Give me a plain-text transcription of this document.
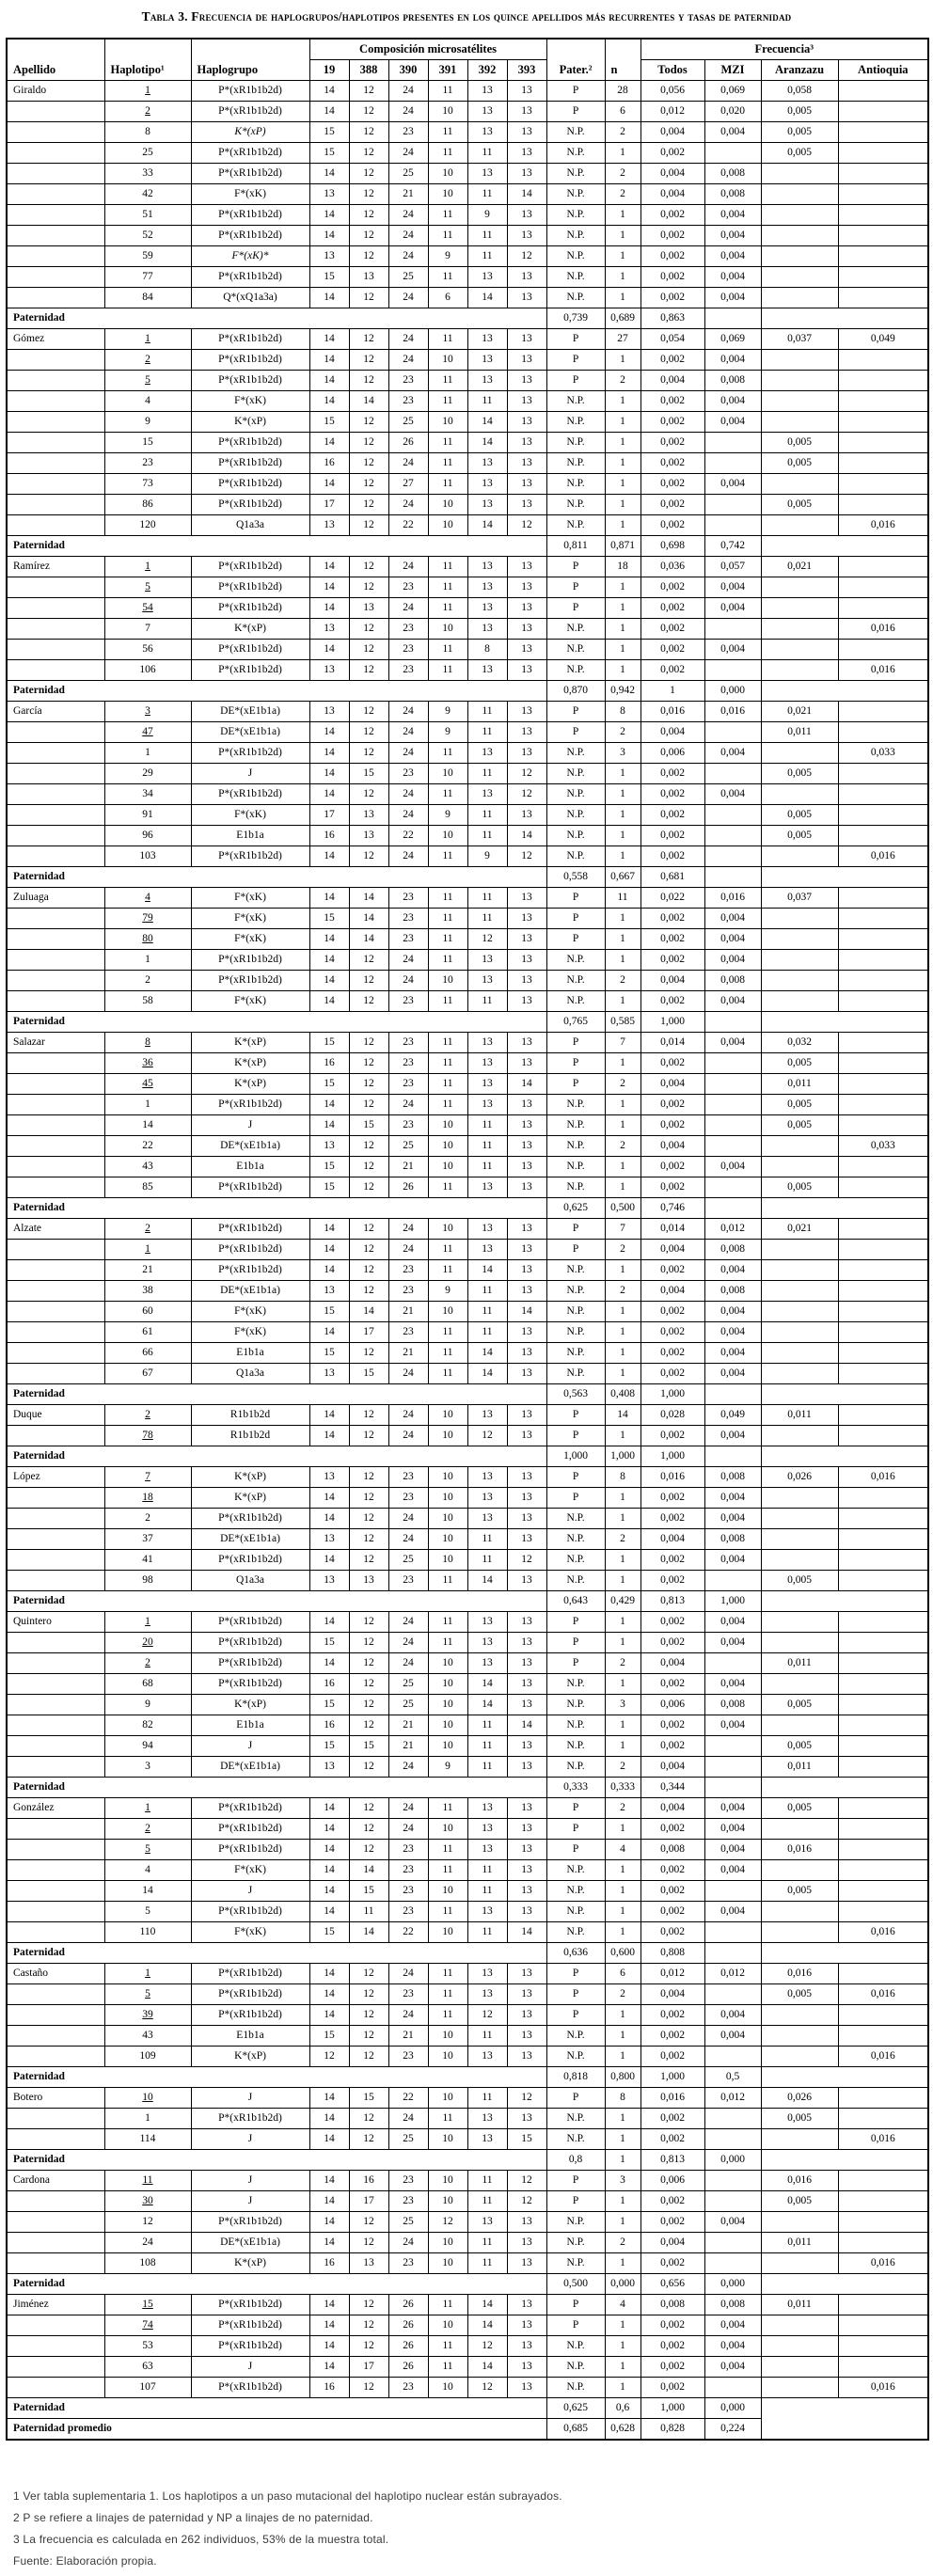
Tabla 3. Frecuencia de haplogrupos/haplotipos presentes en los quince apellidos más recurrentes y tasas de paternidad
Apellido	Haplotipo¹	Haplogrupo	Composición microsatélites						Pater.²	n	Frecuencia³			
			19	388	390	391	392	393			Todos	MZI	Aranzazu	Antioquia
Giraldo	1	P*(xR1b1b2d)	14	12	24	11	13	13	P	28	0,056	0,069	0,058	
	2	P*(xR1b1b2d)	14	12	24	10	13	13	P	6	0,012	0,020	0,005	
	8	K*(xP)	15	12	23	11	13	13	N.P.	2	0,004	0,004	0,005	
	25	P*(xR1b1b2d)	15	12	24	11	11	13	N.P.	1	0,002		0,005	
	33	P*(xR1b1b2d)	14	12	25	10	13	13	N.P.	2	0,004	0,008		
	42	F*(xK)	13	12	21	10	11	14	N.P.	2	0,004	0,008		
	51	P*(xR1b1b2d)	14	12	24	11	9	13	N.P.	1	0,002	0,004		
	52	P*(xR1b1b2d)	14	12	24	11	11	13	N.P.	1	0,002	0,004		
	59	F*(xK)*	13	12	24	9	11	12	N.P.	1	0,002	0,004		
	77	P*(xR1b1b2d)	15	13	25	11	13	13	N.P.	1	0,002	0,004		
	84	Q*(xQ1a3a)	14	12	24	6	14	13	N.P.	1	0,002	0,004		
Paternidad									0,739	0,689	0,863			
Gómez	1	P*(xR1b1b2d)	14	12	24	11	13	13	P	27	0,054	0,069	0,037	0,049
	2	P*(xR1b1b2d)	14	12	24	10	13	13	P	1	0,002	0,004		
	5	P*(xR1b1b2d)	14	12	23	11	13	13	P	2	0,004	0,008		
	4	F*(xK)	14	14	23	11	11	13	N.P.	1	0,002	0,004		
	9	K*(xP)	15	12	25	10	14	13	N.P.	1	0,002	0,004		
	15	P*(xR1b1b2d)	14	12	26	11	14	13	N.P.	1	0,002		0,005	
	23	P*(xR1b1b2d)	16	12	24	11	13	13	N.P.	1	0,002		0,005	
	73	P*(xR1b1b2d)	14	12	27	11	13	13	N.P.	1	0,002	0,004		
	86	P*(xR1b1b2d)	17	12	24	10	13	13	N.P.	1	0,002		0,005	
	120	Q1a3a	13	12	22	10	14	12	N.P.	1	0,002			0,016
Paternidad									0,811	0,871	0,698	0,742		
Ramírez	1	P*(xR1b1b2d)	14	12	24	11	13	13	P	18	0,036	0,057	0,021	
	5	P*(xR1b1b2d)	14	12	23	11	13	13	P	1	0,002	0,004		
	54	P*(xR1b1b2d)	14	13	24	11	13	13	P	1	0,002	0,004		
	7	K*(xP)	13	12	23	10	13	13	N.P.	1	0,002			0,016
	56	P*(xR1b1b2d)	14	12	23	11	8	13	N.P.	1	0,002	0,004		
	106	P*(xR1b1b2d)	13	12	23	11	13	13	N.P.	1	0,002			0,016
Paternidad									0,870	0,942	1	0,000		
García	3	DE*(xE1b1a)	13	12	24	9	11	13	P	8	0,016	0,016	0,021	
	47	DE*(xE1b1a)	14	12	24	9	11	13	P	2	0,004		0,011	
	1	P*(xR1b1b2d)	14	12	24	11	13	13	N.P.	3	0,006	0,004		0,033
	29	J	14	15	23	10	11	12	N.P.	1	0,002		0,005	
	34	P*(xR1b1b2d)	14	12	24	11	13	12	N.P.	1	0,002	0,004		
	91	F*(xK)	17	13	24	9	11	13	N.P.	1	0,002		0,005	
	96	E1b1a	16	13	22	10	11	14	N.P.	1	0,002		0,005	
	103	P*(xR1b1b2d)	14	12	24	11	9	12	N.P.	1	0,002			0,016
Paternidad									0,558	0,667	0,681			
Zuluaga	4	F*(xK)	14	14	23	11	11	13	P	11	0,022	0,016	0,037	
	79	F*(xK)	15	14	23	11	11	13	P	1	0,002	0,004		
	80	F*(xK)	14	14	23	11	12	13	P	1	0,002	0,004		
	1	P*(xR1b1b2d)	14	12	24	11	13	13	N.P.	1	0,002	0,004		
	2	P*(xR1b1b2d)	14	12	24	10	13	13	N.P.	2	0,004	0,008		
	58	F*(xK)	14	12	23	11	11	13	N.P.	1	0,002	0,004		
Paternidad									0,765	0,585	1,000			
Salazar	8	K*(xP)	15	12	23	11	13	13	P	7	0,014	0,004	0,032	
	36	K*(xP)	16	12	23	11	13	13	P	1	0,002		0,005	
	45	K*(xP)	15	12	23	11	13	14	P	2	0,004		0,011	
	1	P*(xR1b1b2d)	14	12	24	11	13	13	N.P.	1	0,002		0,005	
	14	J	14	15	23	10	11	13	N.P.	1	0,002		0,005	
	22	DE*(xE1b1a)	13	12	25	10	11	13	N.P.	2	0,004			0,033
	43	E1b1a	15	12	21	10	11	13	N.P.	1	0,002	0,004		
	85	P*(xR1b1b2d)	15	12	26	11	13	13	N.P.	1	0,002		0,005	
Paternidad									0,625	0,500	0,746			
Alzate	2	P*(xR1b1b2d)	14	12	24	10	13	13	P	7	0,014	0,012	0,021	
	1	P*(xR1b1b2d)	14	12	24	11	13	13	P	2	0,004	0,008		
	21	P*(xR1b1b2d)	14	12	23	11	14	13	N.P.	1	0,002	0,004		
	38	DE*(xE1b1a)	13	12	23	9	11	13	N.P.	2	0,004	0,008		
	60	F*(xK)	15	14	21	10	11	14	N.P.	1	0,002	0,004		
	61	F*(xK)	14	17	23	11	11	13	N.P.	1	0,002	0,004		
	66	E1b1a	15	12	21	11	14	13	N.P.	1	0,002	0,004		
	67	Q1a3a	13	15	24	11	14	13	N.P.	1	0,002	0,004		
Paternidad									0,563	0,408	1,000			
Duque	2	R1b1b2d	14	12	24	10	13	13	P	14	0,028	0,049	0,011	
	78	R1b1b2d	14	12	24	10	12	13	P	1	0,002	0,004		
Paternidad									1,000	1,000	1,000			
López	7	K*(xP)	13	12	23	10	13	13	P	8	0,016	0,008	0,026	0,016
	18	K*(xP)	14	12	23	10	13	13	P	1	0,002	0,004		
	2	P*(xR1b1b2d)	14	12	24	10	13	13	N.P.	1	0,002	0,004		
	37	DE*(xE1b1a)	13	12	24	10	11	13	N.P.	2	0,004	0,008		
	41	P*(xR1b1b2d)	14	12	25	10	11	12	N.P.	1	0,002	0,004		
	98	Q1a3a	13	13	23	11	14	13	N.P.	1	0,002		0,005	
Paternidad									0,643	0,429	0,813	1,000		
Quintero	1	P*(xR1b1b2d)	14	12	24	11	13	13	P	1	0,002	0,004		
	20	P*(xR1b1b2d)	15	12	24	11	13	13	P	1	0,002	0,004		
	2	P*(xR1b1b2d)	14	12	24	10	13	13	P	2	0,004		0,011	
	68	P*(xR1b1b2d)	16	12	25	10	14	13	N.P.	1	0,002	0,004		
	9	K*(xP)	15	12	25	10	14	13	N.P.	3	0,006	0,008	0,005	
	82	E1b1a	16	12	21	10	11	14	N.P.	1	0,002	0,004		
	94	J	15	15	21	10	11	13	N.P.	1	0,002		0,005	
	3	DE*(xE1b1a)	13	12	24	9	11	13	N.P.	2	0,004		0,011	
Paternidad									0,333	0,333	0,344			
González	1	P*(xR1b1b2d)	14	12	24	11	13	13	P	2	0,004	0,004	0,005	
	2	P*(xR1b1b2d)	14	12	24	10	13	13	P	1	0,002	0,004		
	5	P*(xR1b1b2d)	14	12	23	11	13	13	P	4	0,008	0,004	0,016	
	4	F*(xK)	14	14	23	11	11	13	N.P.	1	0,002	0,004		
	14	J	14	15	23	10	11	13	N.P.	1	0,002		0,005	
	5	P*(xR1b1b2d)	14	11	23	11	13	13	N.P.	1	0,002	0,004		
	110	F*(xK)	15	14	22	10	11	14	N.P.	1	0,002			0,016
Paternidad									0,636	0,600	0,808			
Castaño	1	P*(xR1b1b2d)	14	12	24	11	13	13	P	6	0,012	0,012	0,016	
	5	P*(xR1b1b2d)	14	12	23	11	13	13	P	2	0,004		0,005	0,016
	39	P*(xR1b1b2d)	14	12	24	11	12	13	P	1	0,002	0,004		
	43	E1b1a	15	12	21	10	11	13	N.P.	1	0,002	0,004		
	109	K*(xP)	12	12	23	10	13	13	N.P.	1	0,002			0,016
Paternidad									0,818	0,800	1,000	0,5		
Botero	10	J	14	15	22	10	11	12	P	8	0,016	0,012	0,026	
	1	P*(xR1b1b2d)	14	12	24	11	13	13	N.P.	1	0,002		0,005	
	114	J	14	12	25	10	13	15	N.P.	1	0,002			0,016
Paternidad									0,8	1	0,813	0,000		
Cardona	11	J	14	16	23	10	11	12	P	3	0,006		0,016	
	30	J	14	17	23	10	11	12	P	1	0,002		0,005	
	12	P*(xR1b1b2d)	14	12	25	12	13	13	N.P.	1	0,002	0,004		
	24	DE*(xE1b1a)	14	12	24	10	11	13	N.P.	2	0,004		0,011	
	108	K*(xP)	16	13	23	10	11	13	N.P.	1	0,002			0,016
Paternidad									0,500	0,000	0,656	0,000		
Jiménez	15	P*(xR1b1b2d)	14	12	26	11	14	13	P	4	0,008	0,008	0,011	
	74	P*(xR1b1b2d)	14	12	26	10	14	13	P	1	0,002	0,004		
	53	P*(xR1b1b2d)	14	12	26	11	12	13	N.P.	1	0,002	0,004		
	63	J	14	17	26	11	14	13	N.P.	1	0,002	0,004		
	107	P*(xR1b1b2d)	16	12	23	10	12	13	N.P.	1	0,002			0,016
Paternidad									0,625	0,6	1,000	0,000		
Paternidad promedio									0,685	0,628	0,828	0,224		
1 Ver tabla suplementaria 1. Los haplotipos a un paso mutacional del haplotipo nuclear están subrayados.
2 P se refiere a linajes de paternidad y NP a linajes de no paternidad.
3 La frecuencia es calculada en 262 individuos, 53% de la muestra total.
Fuente: Elaboración propia.
